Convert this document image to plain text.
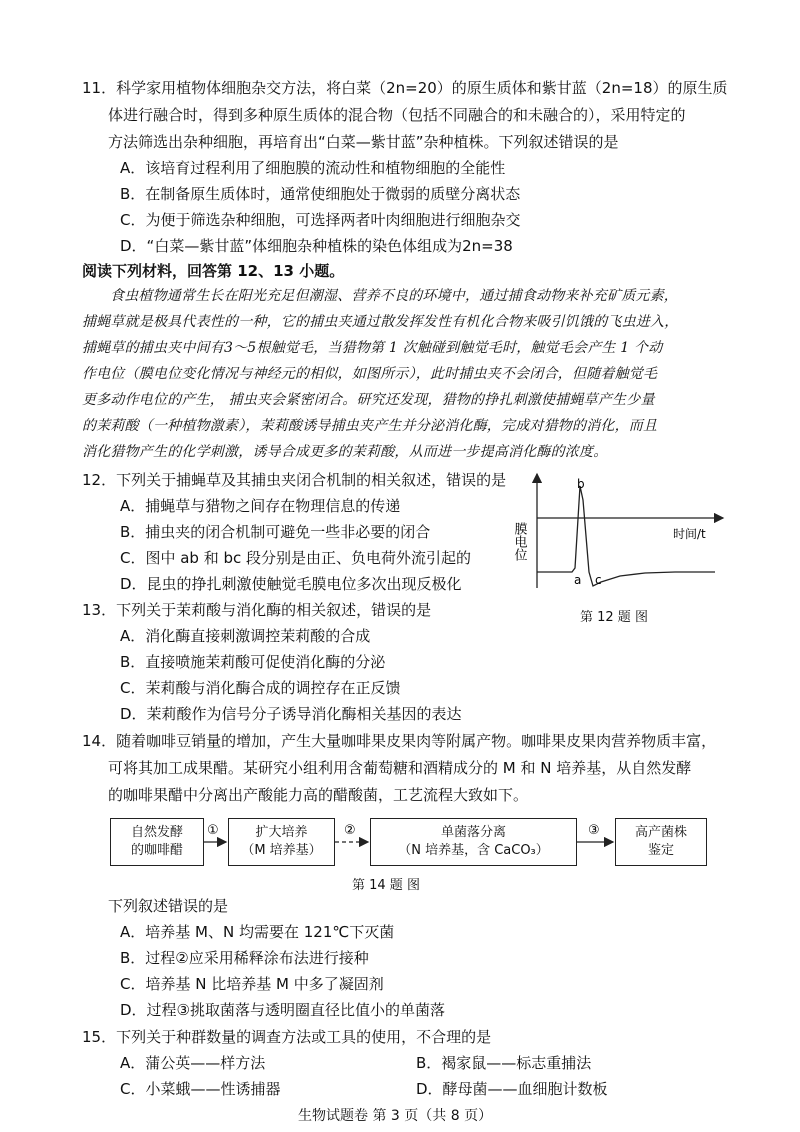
11．科学家用植物体细胞杂交方法，将白菜（2n=20）的原生质体和紫甘蓝（2n=18）的原生质
体进行融合时，得到多种原生质体的混合物（包括不同融合的和未融合的），采用特定的
方法筛选出杂种细胞，再培育出“白菜—紫甘蓝”杂种植株。下列叙述错误的是
A．该培育过程利用了细胞膜的流动性和植物细胞的全能性
B．在制备原生质体时，通常使细胞处于微弱的质壁分离状态
C．为便于筛选杂种细胞，可选择两者叶肉细胞进行细胞杂交
D．“白菜—紫甘蓝”体细胞杂种植株的染色体组成为2n=38
阅读下列材料，回答第 12、13 小题。
食虫植物通常生长在阳光充足但潮湿、营养不良的环境中，通过捕食动物来补充矿质元素，
捕蝇草就是极具代表性的一种，它的捕虫夹通过散发挥发性有机化合物来吸引饥饿的飞虫进入，
捕蝇草的捕虫夹中间有3～5根触觉毛，当猎物第 1 次触碰到触觉毛时，触觉毛会产生 1 个动
作电位（膜电位变化情况与神经元的相似，如图所示），此时捕虫夹不会闭合，但随着触觉毛
更多动作电位的产生， 捕虫夹会紧密闭合。研究还发现，猎物的挣扎刺激使捕蝇草产生少量
的茉莉酸（一种植物激素），茉莉酸诱导捕虫夹产生并分泌消化酶，完成对猎物的消化，而且
消化猎物产生的化学刺激，诱导合成更多的茉莉酸，从而进一步提高消化酶的浓度。
12．下列关于捕蝇草及其捕虫夹闭合机制的相关叙述，错误的是
A．捕蝇草与猎物之间存在物理信息的传递
B．捕虫夹的闭合机制可避免一些非必要的闭合
C．图中 ab 和 bc 段分别是由正、负电荷外流引起的
D．昆虫的挣扎刺激使触觉毛膜电位多次出现反极化
膜电位	时间/t
b
a c
第 12 题 图
13．下列关于茉莉酸与消化酶的相关叙述，错误的是
A．消化酶直接刺激调控茉莉酸的合成
B．直接喷施茉莉酸可促使消化酶的分泌
C．茉莉酸与消化酶合成的调控存在正反馈
D．茉莉酸作为信号分子诱导消化酶相关基因的表达
14．随着咖啡豆销量的增加，产生大量咖啡果皮果肉等附属产物。咖啡果皮果肉营养物质丰富，
可将其加工成果醋。某研究小组利用含葡萄糖和酒精成分的 M 和 N 培养基，从自然发酵
的咖啡果醋中分离出产酸能力高的醋酸菌，工艺流程大致如下。
自然发酵
的咖啡醋
扩大培养
（M 培养基）
单菌落分离
（N 培养基，含 CaCO₃）
高产菌株
鉴定
①	②	③
第 14 题 图
下列叙述错误的是
A．培养基 M、N 均需要在 121℃下灭菌
B．过程②应采用稀释涂布法进行接种
C．培养基 N 比培养基 M 中多了凝固剂
D．过程③挑取菌落与透明圈直径比值小的单菌落
15．下列关于种群数量的调查方法或工具的使用，不合理的是
A．蒲公英——样方法	B．褐家鼠——标志重捕法
C．小菜蛾——性诱捕器	D．酵母菌——血细胞计数板
生物试题卷 第 3 页（共 8 页）
